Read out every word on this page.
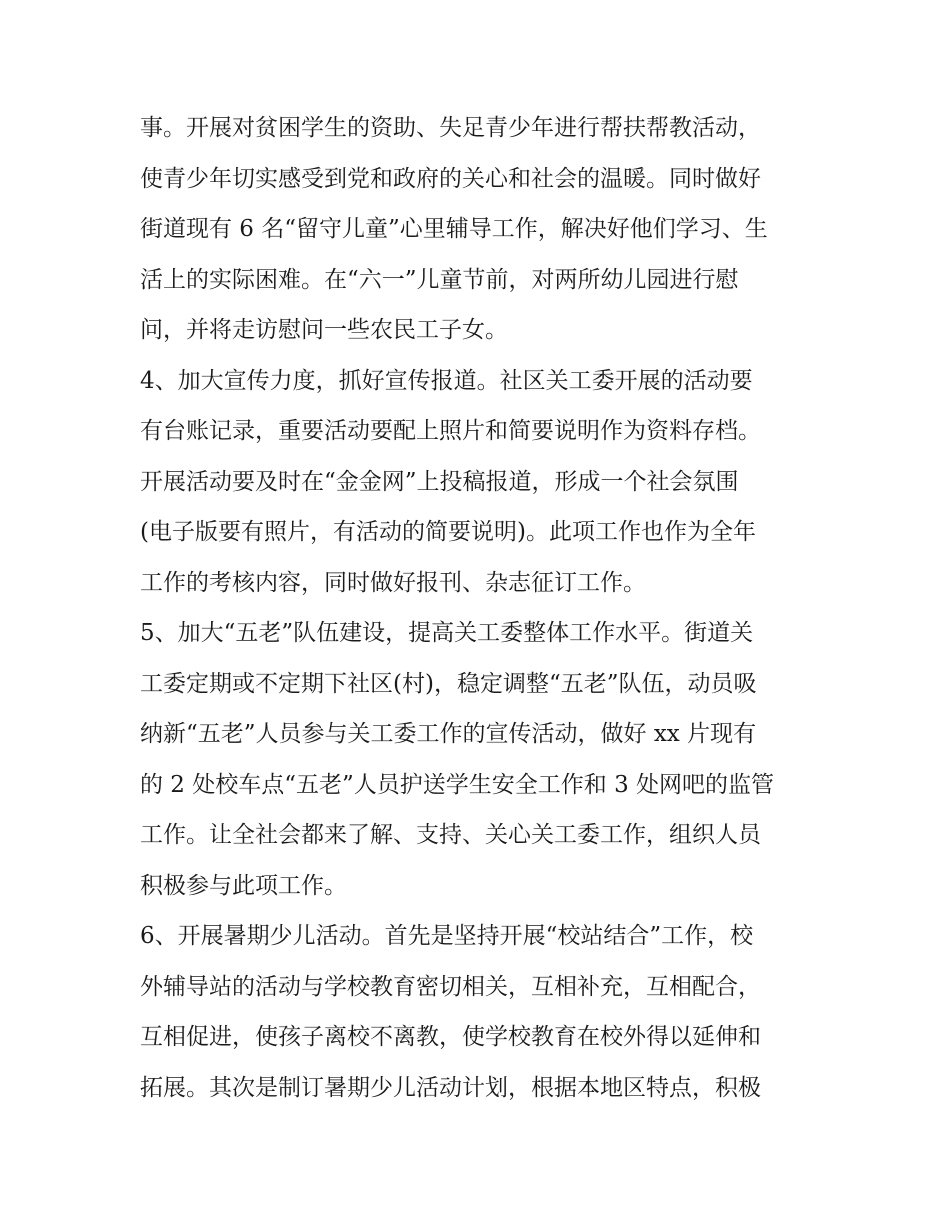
事。开展对贫困学生的资助、失足青少年进行帮扶帮教活动，
使青少年切实感受到党和政府的关心和社会的温暖。同时做好
街道现有 6 名“留守儿童”心里辅导工作，解决好他们学习、生
活上的实际困难。在“六一”儿童节前，对两所幼儿园进行慰
问，并将走访慰问一些农民工子女。
4、加大宣传力度，抓好宣传报道。社区关工委开展的活动要
有台账记录，重要活动要配上照片和简要说明作为资料存档。
开展活动要及时在“金金网”上投稿报道，形成一个社会氛围
(电子版要有照片，有活动的简要说明)。此项工作也作为全年
工作的考核内容，同时做好报刊、杂志征订工作。
5、加大“五老”队伍建设，提高关工委整体工作水平。街道关
工委定期或不定期下社区(村)，稳定调整“五老”队伍，动员吸
纳新“五老”人员参与关工委工作的宣传活动，做好 xx 片现有
的 2 处校车点“五老”人员护送学生安全工作和 3 处网吧的监管
工作。让全社会都来了解、支持、关心关工委工作，组织人员
积极参与此项工作。
6、开展暑期少儿活动。首先是坚持开展“校站结合”工作，校
外辅导站的活动与学校教育密切相关，互相补充，互相配合，
互相促进，使孩子离校不离教，使学校教育在校外得以延伸和
拓展。其次是制订暑期少儿活动计划，根据本地区特点，积极
